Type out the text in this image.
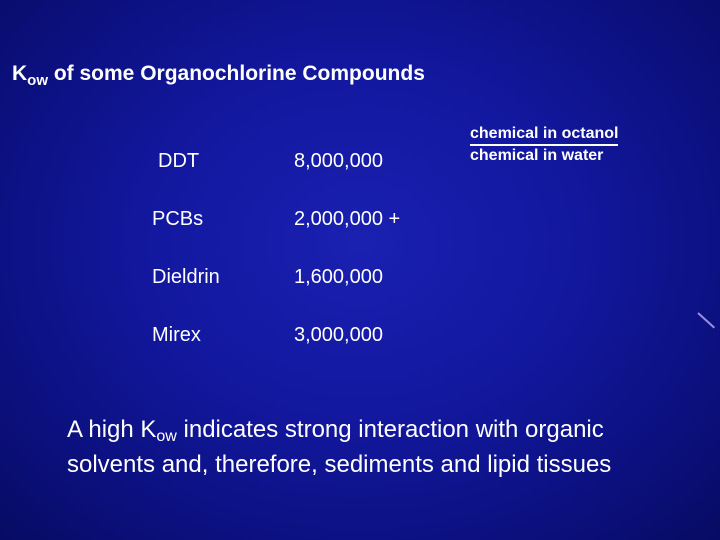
$K_{ow}$ of some Organochlorine Compounds
DDT	8,000,000
PCBs	2,000,000 +
Dieldrin	1,600,000
Mirex	3,000,000
chemical in octanol
chemical in water
A high $K_{ow}$ indicates strong interaction with organic solvents and, therefore, sediments and lipid tissues
